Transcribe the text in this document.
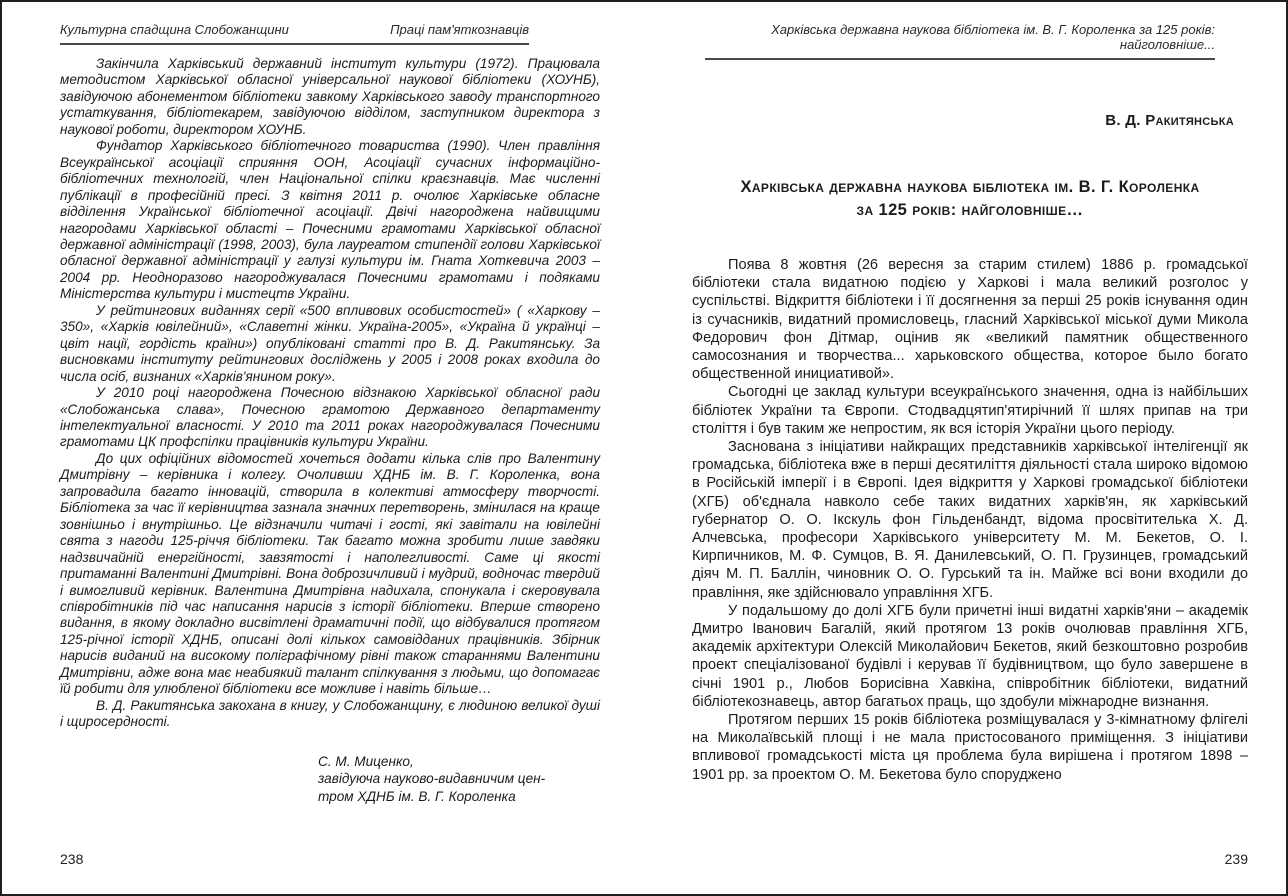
Культурна спадщина Слобожанщини	Праці пам'яткознавців

Закінчила Харківський державний інститут культури (1972). Працювала методистом Харківської обласної універсальної наукової бібліотеки (ХОУНБ), завідуючою абонементом бібліотеки завкому Харківського заводу транспортного устаткування, бібліотекарем, завідуючою відділом, заступником директора з наукової роботи, директором ХОУНБ.

Фундатор Харківського бібліотечного товариства (1990). Член правління Всеукраїнської асоціації сприяння ООН, Асоціації сучасних інформаційно-бібліотечних технологій, член Національної спілки краєзнавців. Має численні публікації в професійній пресі. З квітня 2011 р. очолює Харківське обласне відділення Української бібліотечної асоціації. Двічі нагороджена найвищими нагородами Харківської області – Почесними грамотами Харківської обласної державної адміністрації (1998, 2003), була лауреатом стипендії голови Харківської обласної державної адміністрації у галузі культури ім. Гната Хоткевича 2003 – 2004 рр. Неодноразово нагороджувалася Почесними грамотами і подяками Міністерства культури і мистецтв України.

У рейтингових виданнях серії «500 впливових особистостей» ( «Харкову – 350», «Харків ювілейний», «Славетні жінки. Україна-2005», «Україна й українці – цвіт нації, гордість країни») опубліковані статті про В. Д. Ракитянську. За висновками інституту рейтингових досліджень у 2005 і 2008 роках входила до числа осіб, визнаних «Харків'янином року».

У 2010 році нагороджена Почесною відзнакою Харківської обласної ради «Слобожанська слава», Почесною грамотою Державного департаменту інтелектуальної власності. У 2010 та 2011 роках нагороджувалася Почесними грамотами ЦК профспілки працівників культури України.

До цих офіційних відомостей хочеться додати кілька слів про Валентину Дмитрівну – керівника і колегу. Очоливши ХДНБ ім. В. Г. Короленка, вона запровадила багато інновацій, створила в колективі атмосферу творчості. Бібліотека за час її керівництва зазнала значних перетворень, змінилася на краще зовнішньо і внутрішньо. Це відзначили читачі і гості, які завітали на ювілейні свята з нагоди 125-річчя бібліотеки. Так багато можна зробити лише завдяки надзвичайній енергійності, завзятості і наполегливості. Саме ці якості притаманні Валентині Дмитрівні. Вона доброзичливий і мудрий, водночас твердий і вимогливий керівник. Валентина Дмитрівна надихала, спонукала і скеровувала співробітників під час написання нарисів з історії бібліотеки. Вперше створено видання, в якому докладно висвітлені драматичні події, що відбувалися протягом 125-річної історії ХДНБ, описані долі кількох самовідданих працівників. Збірник нарисів виданий на високому поліграфічному рівні також стараннями Валентини Дмитрівни, адже вона має неабиякий талант спілкування з людьми, що допомагає їй робити для улюбленої бібліотеки все можливе і навіть більше…

В. Д. Ракитянська закохана в книгу, у Слобожанщину, є людиною великої душі і щиросердності.

С. М. Миценко,
завідуюча науково-видавничим цен-
тром ХДНБ ім. В. Г. Короленка
238
Харківська державна наукова бібліотека ім. В. Г. Короленка за 125 років: найголовніше...
В. Д. Ракитянська
Харківська державна наукова бібліотека ім. В. Г. Короленка
за 125 років: найголовніше…

Поява 8 жовтня (26 вересня за старим стилем) 1886 р. громадської бібліотеки стала видатною подією у Харкові і мала великий розголос у суспільстві. Відкриття бібліотеки і її досягнення за перші 25 років існування один із сучасників, видатний промисловець, гласний Харківської міської думи Микола Федорович фон Дітмар, оцінив як «великий памятник общественного самосознания и творчества... харьковского общества, которое было богато общественной инициативой».

Сьогодні це заклад культури всеукраїнського значення, одна із найбільших бібліотек України та Європи. Стодвадцятип'ятирічний її шлях припав на три століття і був таким же непростим, як вся історія України цього періоду.

Заснована з ініціативи найкращих представників харківської інтелігенції як громадська, бібліотека вже в перші десятиліття діяльності стала широко відомою в Російській імперії і в Європі. Ідея відкриття у Харкові громадської бібліотеки (ХГБ) об'єднала навколо себе таких видатних харків'ян, як харківський губернатор О. О. Ікскуль фон Гільденбандт, відома просвітителька Х. Д. Алчевська, професори Харківського університету М. М. Бекетов, О. І. Кирпичников, М. Ф. Сумцов, В. Я. Данилевський, О. П. Грузинцев, громадський діяч М. П. Баллін, чиновник О. О. Гурський та ін. Майже всі вони входили до правління, яке здійснювало управління ХГБ.

У подальшому до долі ХГБ були причетні інші видатні харків'яни – академік Дмитро Іванович Багалій, який протягом 13 років очолював правління ХГБ, академік архітектури Олексій Миколайович Бекетов, який безкоштовно розробив проект спеціалізованої будівлі і керував її будівництвом, що було завершене в січні 1901 р., Любов Борисівна Хавкіна, співробітник бібліотеки, видатний бібліотекознавець, автор багатьох праць, що здобули міжнародне визнання.

Протягом перших 15 років бібліотека розміщувалася у 3-кімнатному флігелі на Миколаївській площі і не мала пристосованого приміщення. З ініціативи впливової громадськості міста ця проблема була вирішена і протягом 1898 – 1901 рр. за проектом О. М. Бекетова було споруджено

239
